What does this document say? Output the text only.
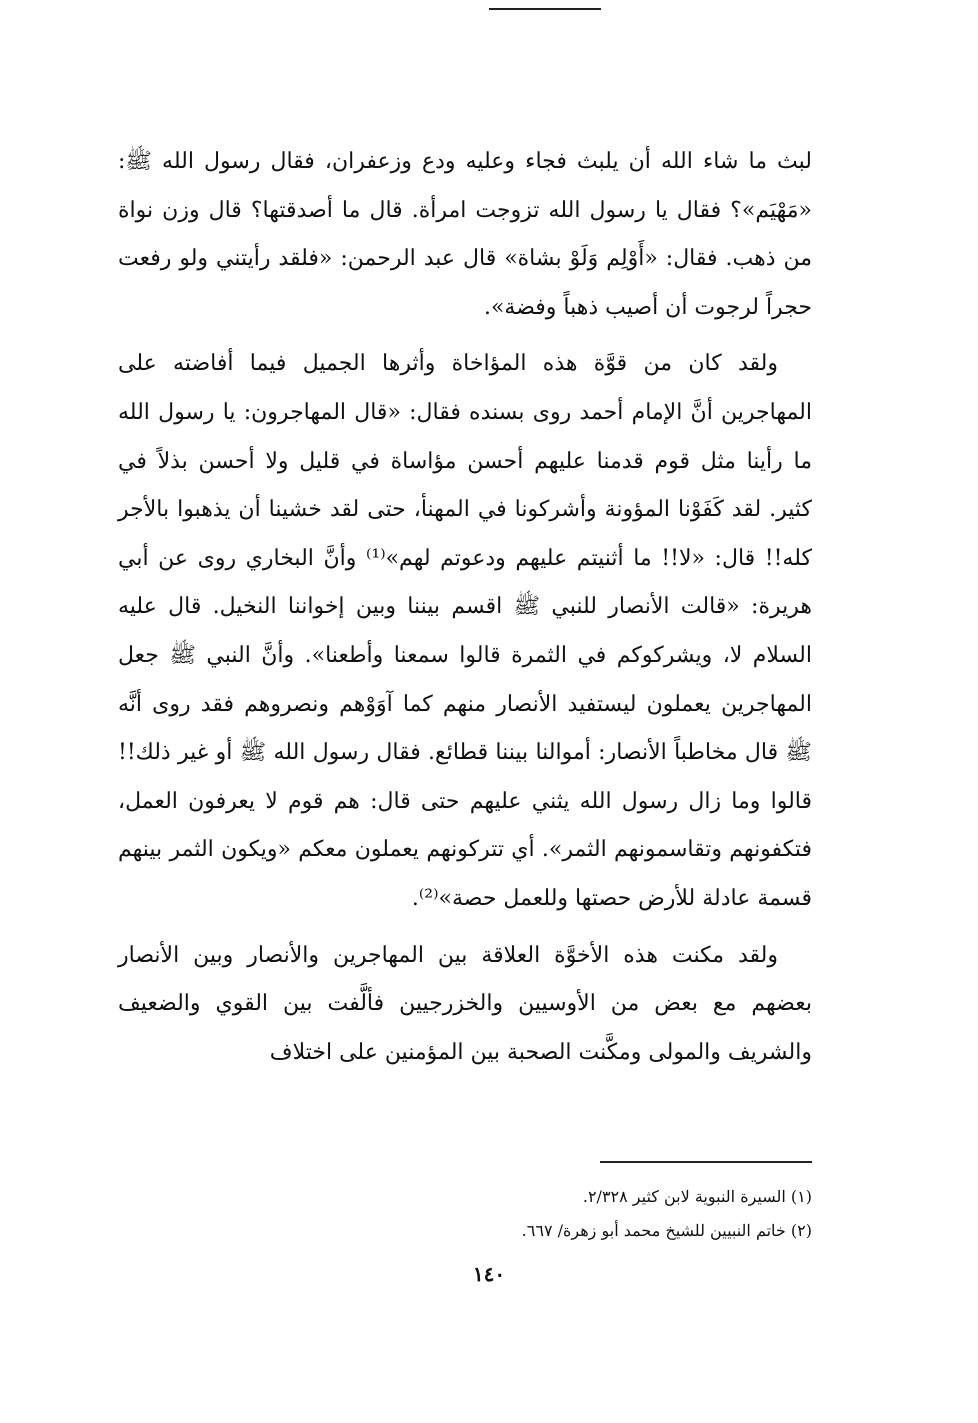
لبث ما شاء الله أن يلبث فجاء وعليه ودع وزعفران، فقال رسول الله ﷺ: «مَهْيَم»؟ فقال يا رسول الله تزوجت امرأة. قال ما أصدقتها؟ قال وزن نواة من ذهب. فقال: «أَوْلِم وَلَوْ بشاة» قال عبد الرحمن: «فلقد رأيتني ولو رفعت حجراً لرجوت أن أصيب ذهباً وفضة».

ولقد كان من قوَّة هذه المؤاخاة وأثرها الجميل فيما أفاضته على المهاجرين أنَّ الإمام أحمد روى بسنده فقال: «قال المهاجرون: يا رسول الله ما رأينا مثل قوم قدمنا عليهم أحسن مؤاساة في قليل ولا أحسن بذلاً في كثير. لقد كَفَوْنا المؤونة وأشركونا في المهنأ، حتى لقد خشينا أن يذهبوا بالأجر كله!! قال: «لا!! ما أثنيتم عليهم ودعوتم لهم»⁽¹⁾ وأنَّ البخاري روى عن أبي هريرة: «قالت الأنصار للنبي ﷺ اقسم بيننا وبين إخواننا النخيل. قال عليه السلام لا، ويشركوكم في الثمرة قالوا سمعنا وأطعنا». وأنَّ النبي ﷺ جعل المهاجرين يعملون ليستفيد الأنصار منهم كما آوَوْهم ونصروهم فقد روى أنَّه ﷺ قال مخاطباً الأنصار: أموالنا بيننا قطائع. فقال رسول الله ﷺ أو غير ذلك!! قالوا وما زال رسول الله يثني عليهم حتى قال: هم قوم لا يعرفون العمل، فتكفونهم وتقاسمونهم الثمر». أي تتركونهم يعملون معكم «ويكون الثمر بينهم قسمة عادلة للأرض حصتها وللعمل حصة»⁽²⁾.

ولقد مكنت هذه الأخوَّة العلاقة بين المهاجرين والأنصار وبين الأنصار بعضهم مع بعض من الأوسيين والخزرجيين فألَّفت بين القوي والضعيف والشريف والمولى ومكَّنت الصحبة بين المؤمنين على اختلاف

(١) السيرة النبوية لابن كثير ٢/٣٢٨.

(٢) خاتم النبيين للشيخ محمد أبو زهرة/ ٦٦٧.

١٤٠
